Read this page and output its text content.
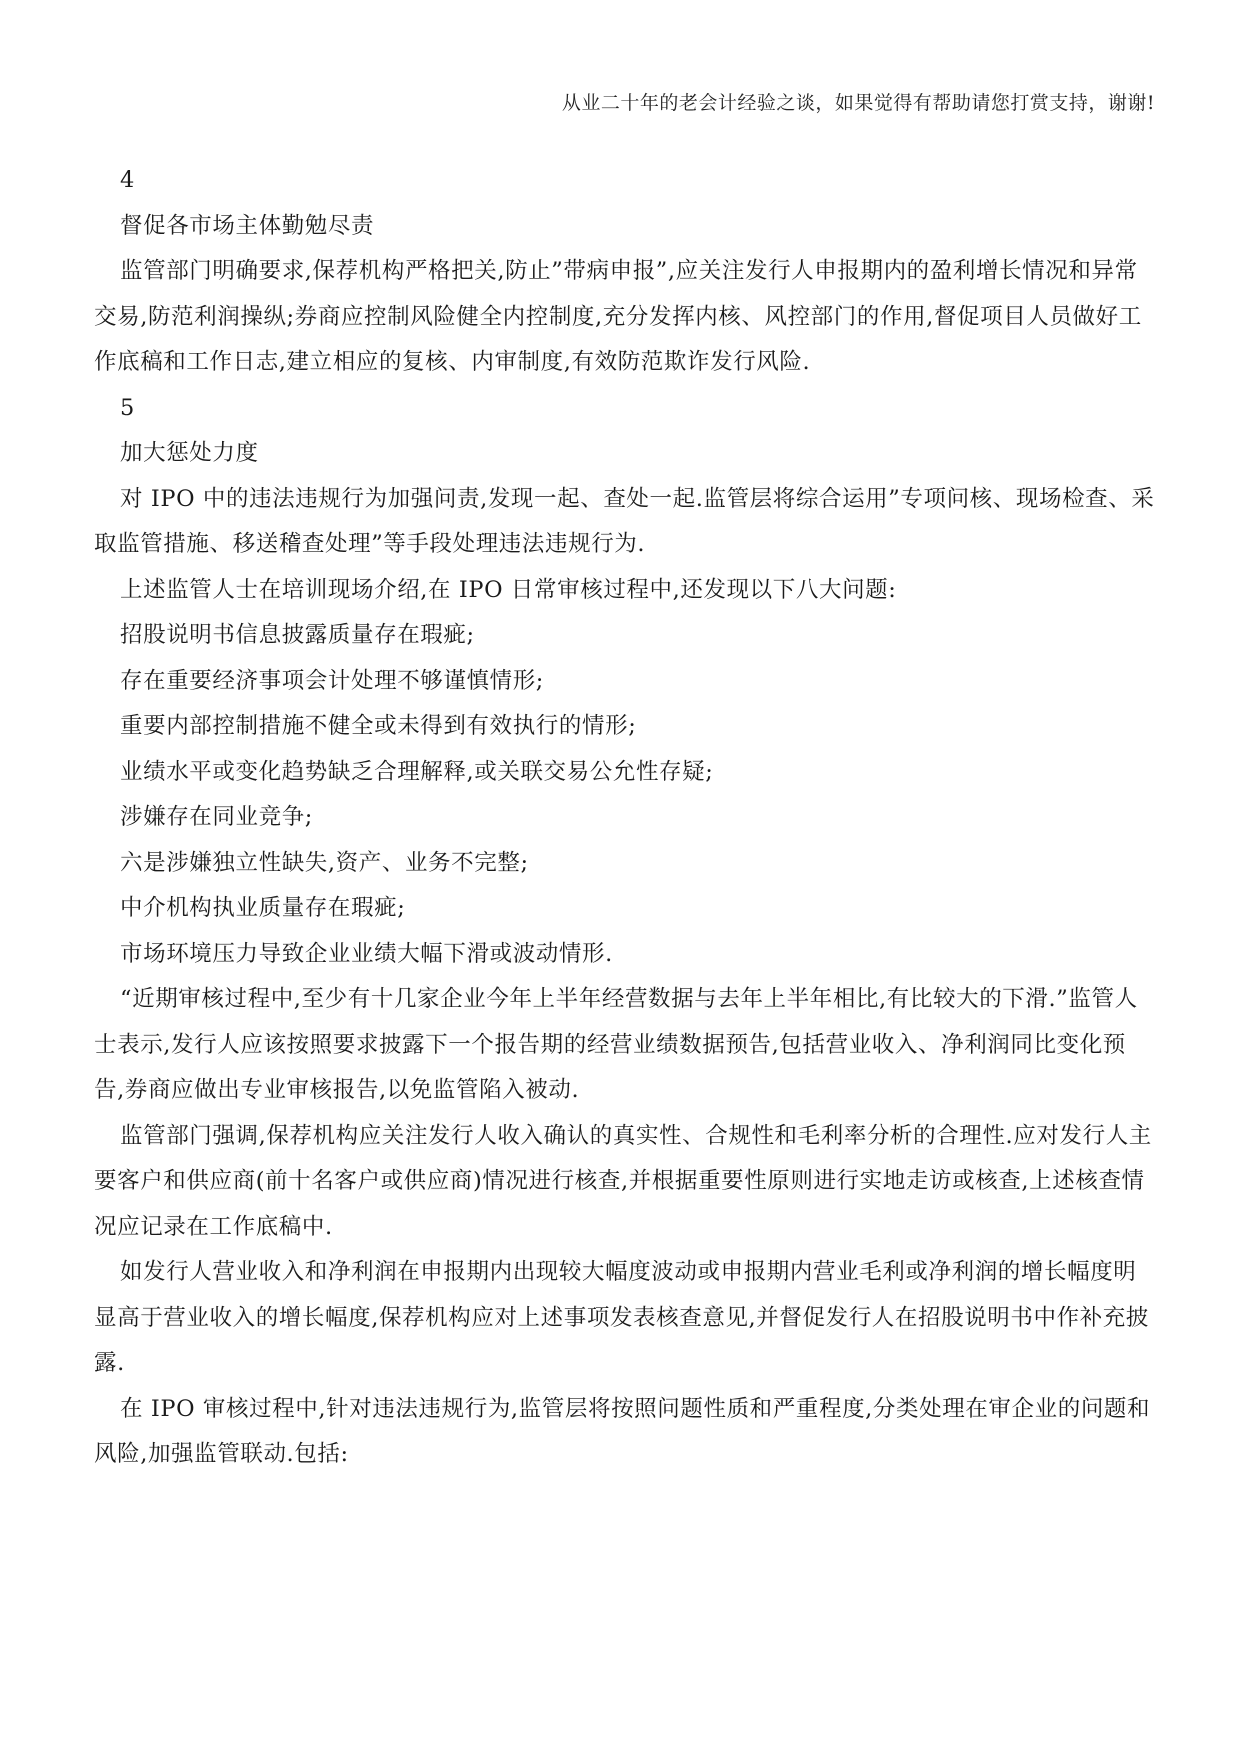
从业二十年的老会计经验之谈，如果觉得有帮助请您打赏支持，谢谢!

4

督促各市场主体勤勉尽责

监管部门明确要求,保荐机构严格把关,防止”带病申报”,应关注发行人申报期内的盈利增长情况和异常交易,防范利润操纵;券商应控制风险健全内控制度,充分发挥内核、风控部门的作用,督促项目人员做好工作底稿和工作日志,建立相应的复核、内审制度,有效防范欺诈发行风险.

5

加大惩处力度

对 IPO 中的违法违规行为加强问责,发现一起、查处一起.监管层将综合运用”专项问核、现场检查、采取监管措施、移送稽查处理”等手段处理违法违规行为.

上述监管人士在培训现场介绍,在 IPO 日常审核过程中,还发现以下八大问题:

招股说明书信息披露质量存在瑕疵;

存在重要经济事项会计处理不够谨慎情形;

重要内部控制措施不健全或未得到有效执行的情形;

业绩水平或变化趋势缺乏合理解释,或关联交易公允性存疑;

涉嫌存在同业竞争;

六是涉嫌独立性缺失,资产、业务不完整;

中介机构执业质量存在瑕疵;

市场环境压力导致企业业绩大幅下滑或波动情形.

“近期审核过程中,至少有十几家企业今年上半年经营数据与去年上半年相比,有比较大的下滑.”监管人士表示,发行人应该按照要求披露下一个报告期的经营业绩数据预告,包括营业收入、净利润同比变化预告,券商应做出专业审核报告,以免监管陷入被动.

监管部门强调,保荐机构应关注发行人收入确认的真实性、合规性和毛利率分析的合理性.应对发行人主要客户和供应商(前十名客户或供应商)情况进行核查,并根据重要性原则进行实地走访或核查,上述核查情况应记录在工作底稿中.

如发行人营业收入和净利润在申报期内出现较大幅度波动或申报期内营业毛利或净利润的增长幅度明显高于营业收入的增长幅度,保荐机构应对上述事项发表核查意见,并督促发行人在招股说明书中作补充披露.

在 IPO 审核过程中,针对违法违规行为,监管层将按照问题性质和严重程度,分类处理在审企业的问题和风险,加强监管联动.包括:
